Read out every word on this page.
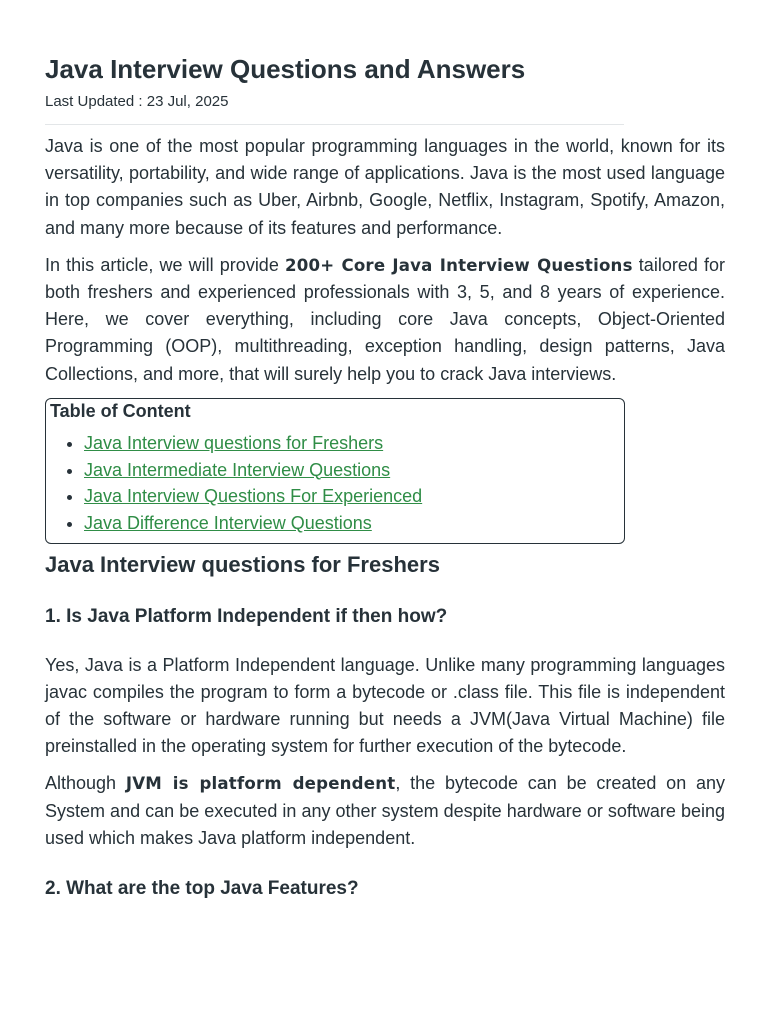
Java Interview Questions and Answers
Last Updated : 23 Jul, 2025

Java is one of the most popular programming languages in the world, known for its versatility, portability, and wide range of applications. Java is the most used language in top companies such as Uber, Airbnb, Google, Netflix, Instagram, Spotify, Amazon, and many more because of its features and performance.

In this article, we will provide 200+ Core Java Interview Questions tailored for both freshers and experienced professionals with 3, 5, and 8 years of experience. Here, we cover everything, including core Java concepts, Object-Oriented Programming (OOP), multithreading, exception handling, design patterns, Java Collections, and more, that will surely help you to crack Java interviews.

Table of Content
• Java Interview questions for Freshers
• Java Intermediate Interview Questions
• Java Interview Questions For Experienced
• Java Difference Interview Questions
Java Interview questions for Freshers
1. Is Java Platform Independent if then how?

Yes, Java is a Platform Independent language. Unlike many programming languages javac compiles the program to form a bytecode or .class file. This file is independent of the software or hardware running but needs a JVM(Java Virtual Machine) file preinstalled in the operating system for further execution of the bytecode.

Although JVM is platform dependent, the bytecode can be created on any System and can be executed in any other system despite hardware or software being used which makes Java platform independent.

2. What are the top Java Features?
